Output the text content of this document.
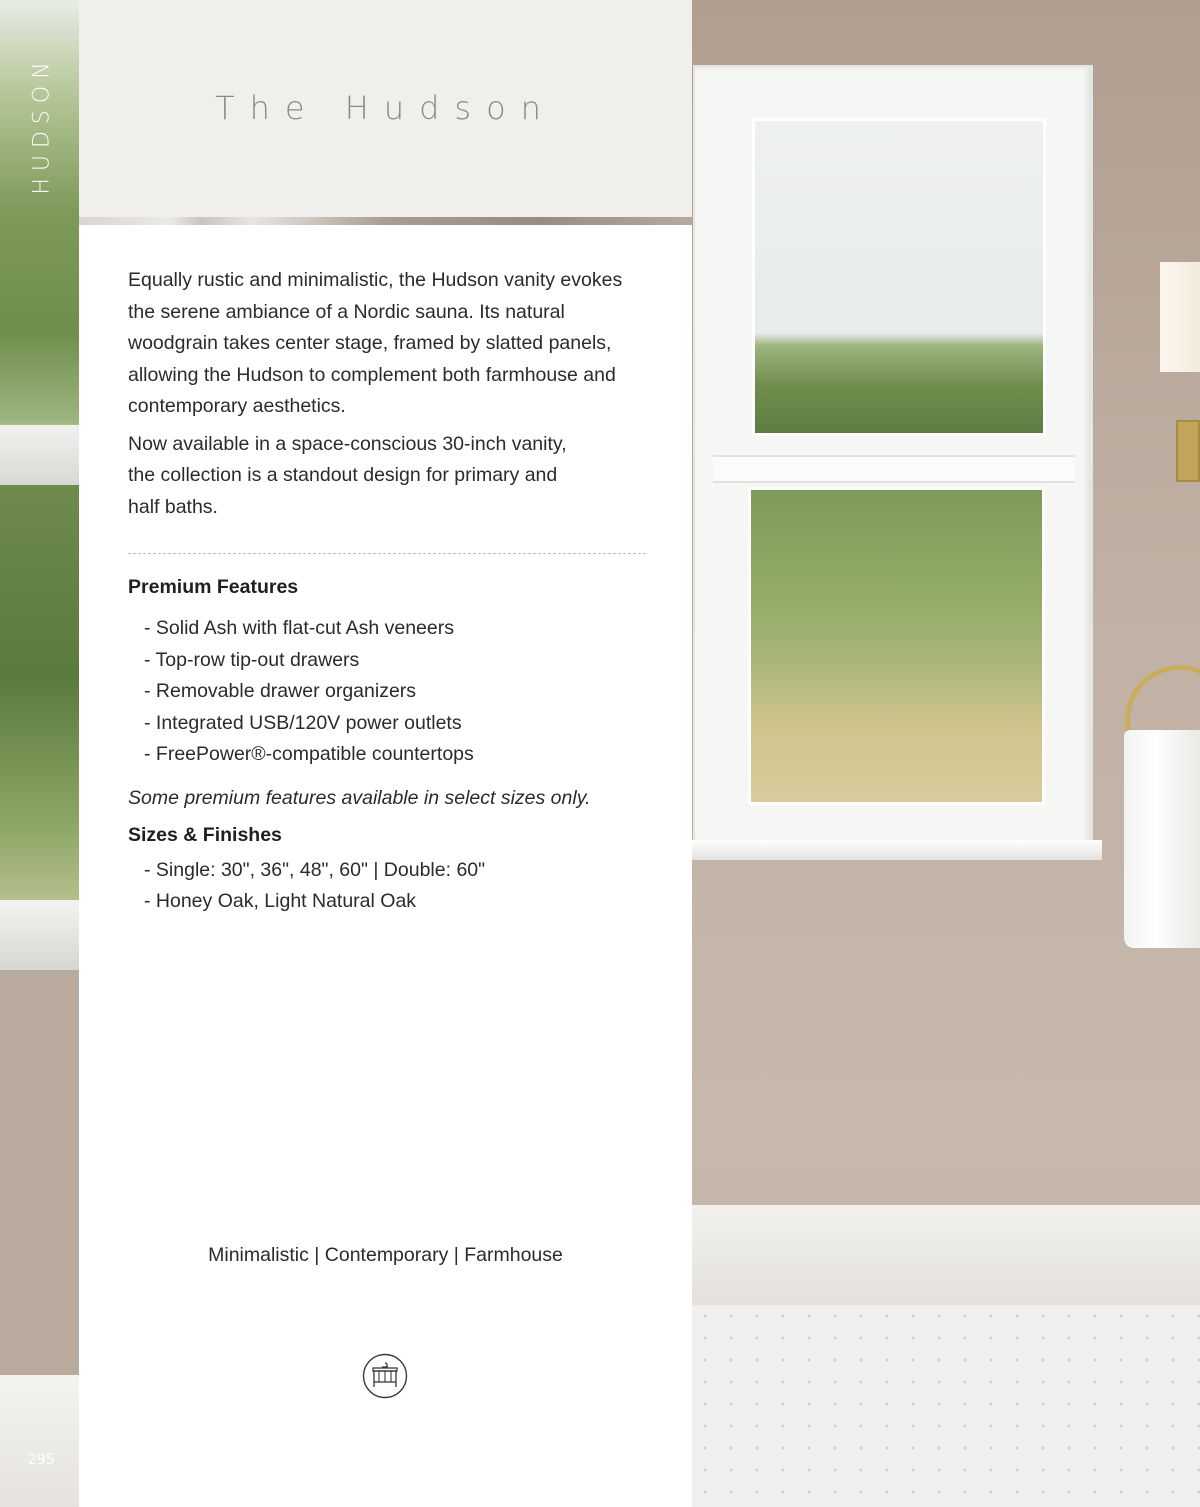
HUDSON
295
The Hudson

Equally rustic and minimalistic, the Hudson vanity evokes the serene ambiance of a Nordic sauna. Its natural woodgrain takes center stage, framed by slatted panels, allowing the Hudson to complement both farmhouse and contemporary aesthetics.

Now available in a space-conscious 30-inch vanity, the collection is a standout design for primary and half baths.

Premium Features
- Solid Ash with flat-cut Ash veneers
- Top-row tip-out drawers
- Removable drawer organizers
- Integrated USB/120V power outlets
- FreePower®-compatible countertops

Some premium features available in select sizes only.

Sizes & Finishes
- Single: 30", 36", 48", 60" | Double: 60"
- Honey Oak, Light Natural Oak
Minimalistic | Contemporary | Farmhouse
